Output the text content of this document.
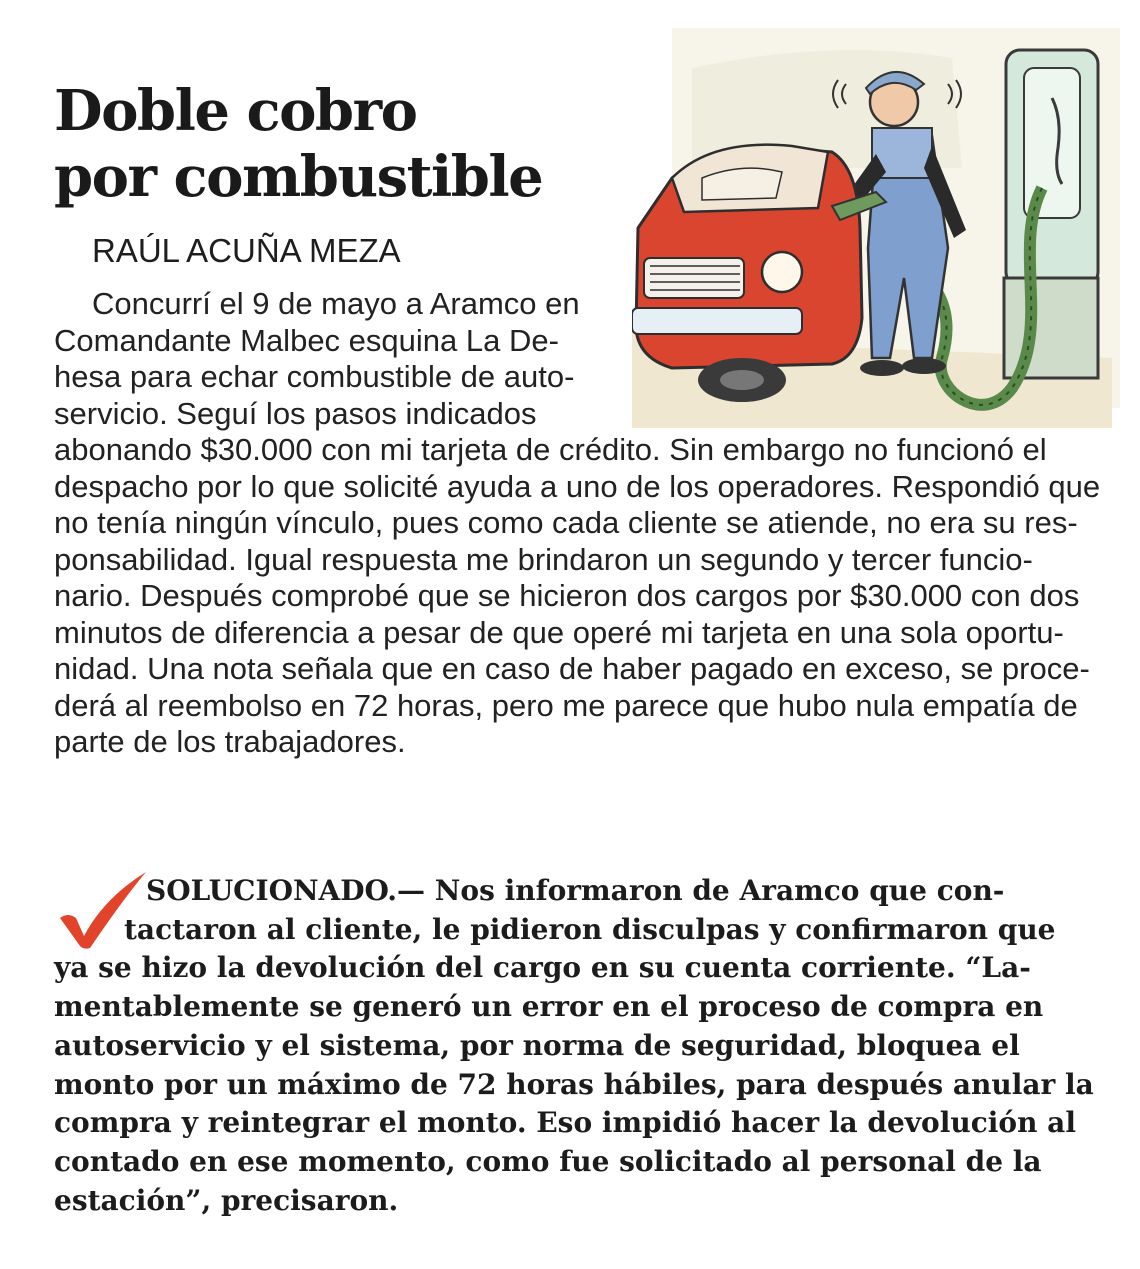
Doble cobro
por combustible
RAÚL ACUÑA MEZA
Concurrí el 9 de mayo a Aramco en
Comandante Malbec esquina La De-
hesa para echar combustible de auto-
servicio. Seguí los pasos indicados
abonando $30.000 con mi tarjeta de crédito. Sin embargo no funcionó el
despacho por lo que solicité ayuda a uno de los operadores. Respondió que
no tenía ningún vínculo, pues como cada cliente se atiende, no era su res-
ponsabilidad. Igual respuesta me brindaron un segundo y tercer funcio-
nario. Después comprobé que se hicieron dos cargos por $30.000 con dos
minutos de diferencia a pesar de que operé mi tarjeta en una sola oportu-
nidad. Una nota señala que en caso de haber pagado en exceso, se proce-
derá al reembolso en 72 horas, pero me parece que hubo nula empatía de
parte de los trabajadores.
SOLUCIONADO.— Nos informaron de Aramco que con-
tactaron al cliente, le pidieron disculpas y confirmaron que
ya se hizo la devolución del cargo en su cuenta corriente. “La-
mentablemente se generó un error en el proceso de compra en
autoservicio y el sistema, por norma de seguridad, bloquea el
monto por un máximo de 72 horas hábiles, para después anular la
compra y reintegrar el monto. Eso impidió hacer la devolución al
contado en ese momento, como fue solicitado al personal de la
estación”, precisaron.
